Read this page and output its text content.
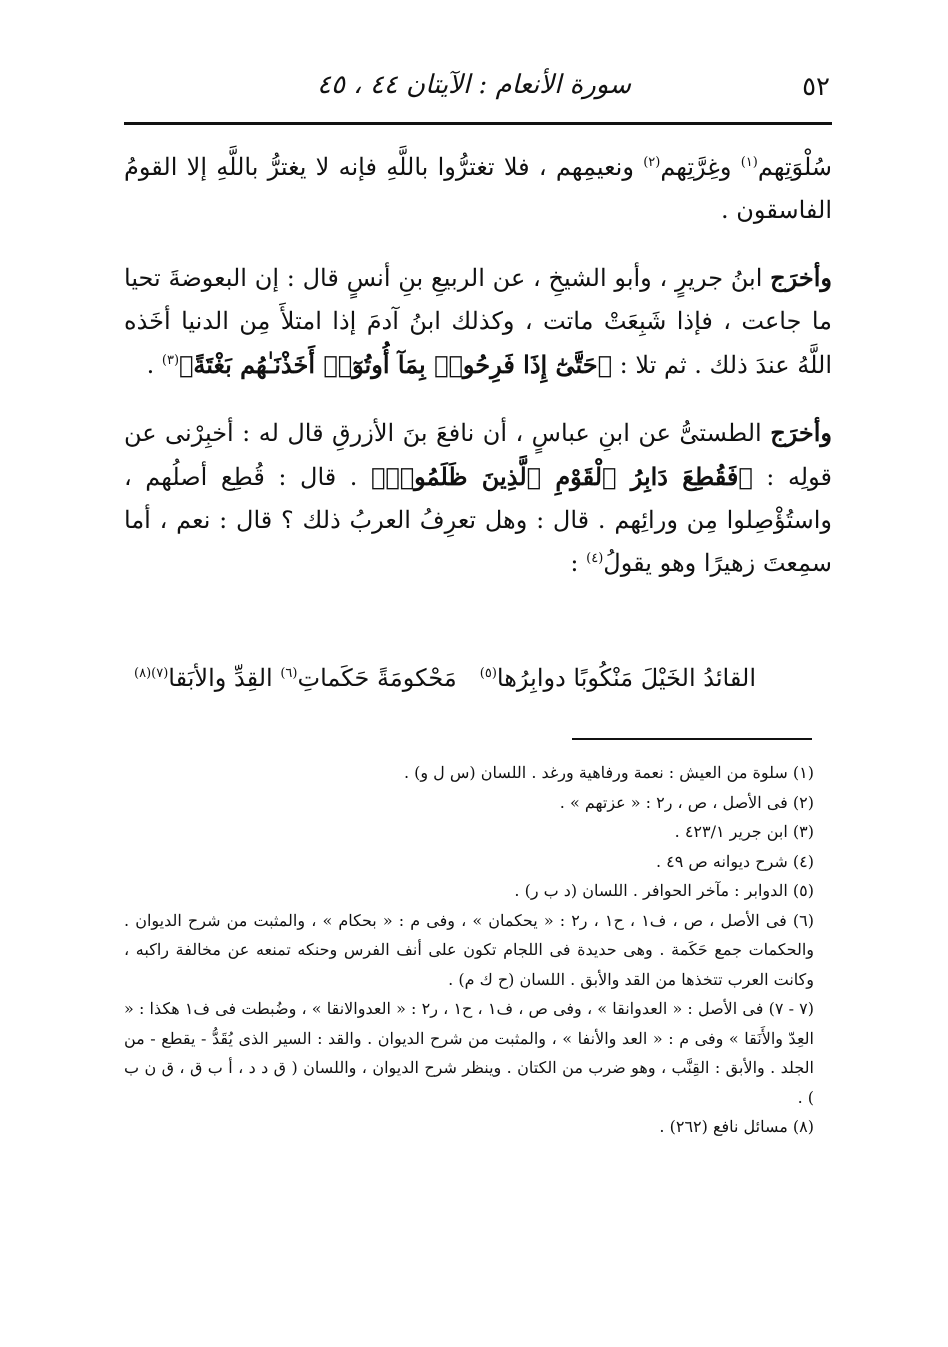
٥٢
سورة الأنعام : الآيتان ٤٤ ، ٤٥

سُلْوَتِهم$^{(١)}$ وغِرَّتِهم$^{(٢)}$ ونعيمِهم ، فلا تغترُّوا باللَّهِ فإنه لا يغترُّ باللَّهِ إلا القومُ الفاسقون .

وأخرَج ابنُ جريرٍ ، وأبو الشيخِ ، عن الربيعِ بنِ أنسٍ قال : إن البعوضةَ تحيا ما جاعت ، فإذا شَبِعَتْ ماتت ، وكذلك ابنُ آدمَ إذا امتلأَ مِن الدنيا أخَذه اللَّهُ عندَ ذلك . ثم تلا : ﴿حَتَّىٰٓ إِذَا فَرِحُوا۟ بِمَآ أُوتُوٓا۟ أَخَذْنَـٰهُم بَغْتَةً﴾$^{(٣)}$ .

وأخرَج الطستىُّ عن ابنِ عباسٍ ، أن نافعَ بنَ الأزرقِ قال له : أخبِرْنى عن قولِه : ﴿فَقُطِعَ دَابِرُ ٱلْقَوْمِ ٱلَّذِينَ ظَلَمُوا۟﴾ . قال : قُطِع أصلُهم ، واستُؤْصِلوا مِن ورائِهم . قال : وهل تعرِفُ العربُ ذلك ؟ قال : نعم ، أما سمِعتَ زهيرًا وهو يقولُ$^{(٤)}$ :

القائدُ الخَيْلَ مَنْكُوبًا دوابِرُها$^{(٥)}$
مَحْكومَةً حَكَماتِ$^{(٦)}$ القِدِّ والأبَقا$^{(٧)(٨)}$
(١) سلوة من العيش : نعمة ورفاهية ورغد . اللسان (س ل و) .
(٢) فى الأصل ، ص ، ر٢ : « عزتهم » .
(٣) ابن جرير ٤٢٣/١ .
(٤) شرح ديوانه ص ٤٩ .
(٥) الدوابر : مآخر الحوافر . اللسان (د ب ر) .
(٦) فى الأصل ، ص ، ف١ ، ح١ ، ر٢ : « يحكمان » ، وفى م : « بحكام » ، والمثبت من شرح الديوان . والحكمات جمع حَكَمة . وهى حديدة فى اللجام تكون على أنف الفرس وحنكه تمنعه عن مخالفة راكبه ، وكانت العرب تتخذها من القد والأبق . اللسان (ح ك م) .
(٧ - ٧) فى الأصل : « العدوانقا » ، وفى ص ، ف١ ، ح١ ، ر٢ : « العدوالانقا » ، وضُبطت فى ف١ هكذا : « العِدّ والأَنَقا » وفى م : « العد والأنفا » ، والمثبت من شرح الديوان . والقد : السير الذى يُقَدُّ - يقطع - من الجلد . والأبق : القِنَّب ، وهو ضرب من الكتان . وينظر شرح الديوان ، واللسان ( ق د د ، أ ب ق ، ق ن ب ) .
(٨) مسائل نافع (٢٦٢) .
